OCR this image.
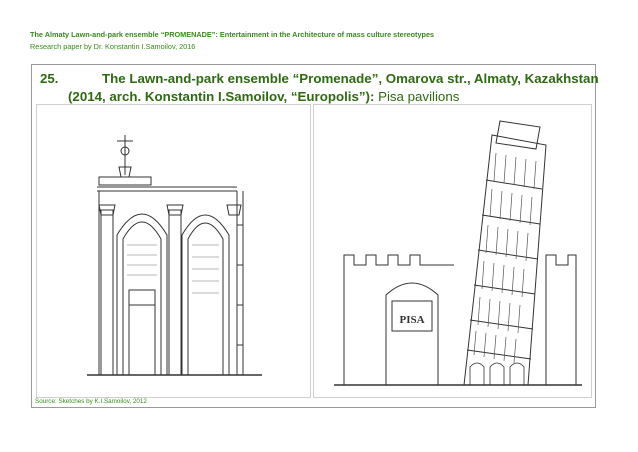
The Almaty Lawn-and-park ensemble “PROMENADE”: Entertainment in the Architecture of mass culture stereotypes
Research paper by Dr. Konstantin I.Samoilov, 2016
25.	The Lawn-and-park ensemble “Promenade”, Omarova str., Almaty, Kazakhstan
(2014, arch. Konstantin I.Samoilov, “Europolis”): Pisa pavilions
PISA
Source: Sketches by K.I.Samoilov, 2012
